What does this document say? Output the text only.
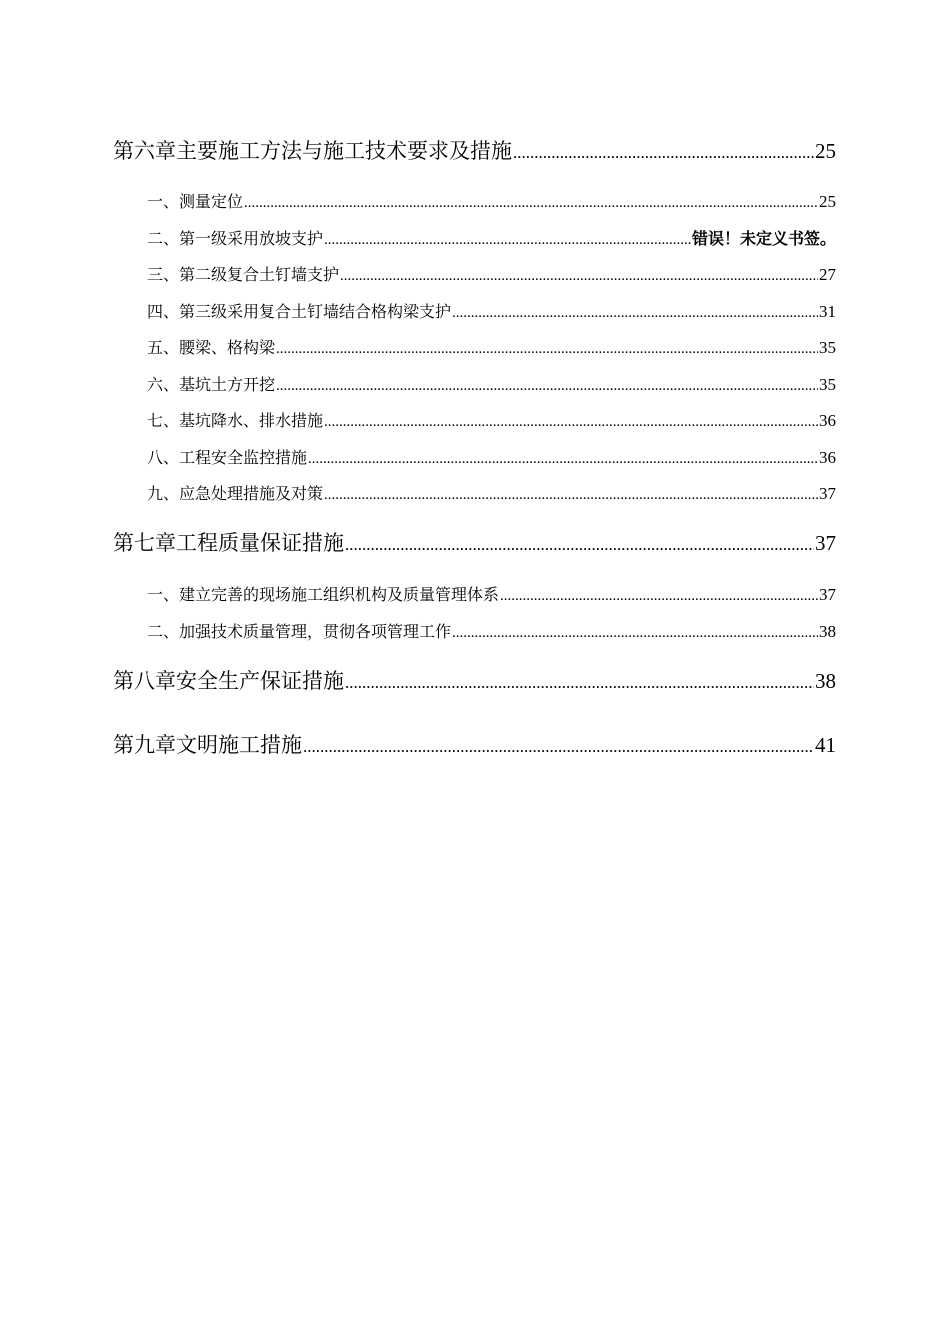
第六章主要施工方法与施工技术要求及措施 .....	25
一、测量定位 .....	25
二、第一级采用放坡支护 .....	错误！未定义书签。
三、第二级复合土钉墙支护 .....	27
四、第三级采用复合土钉墙结合格构梁支护 .....	31
五、腰梁、格构梁 .....	35
六、基坑土方开挖 .....	35
七、基坑降水、排水措施 .....	36
八、工程安全监控措施 .....	36
九、应急处理措施及对策 .....	37
第七章工程质量保证措施 .....	37
一、建立完善的现场施工组织机构及质量管理体系 .....	37
二、加强技术质量管理，贯彻各项管理工作 .....	38
第八章安全生产保证措施 .....	38
第九章文明施工措施 .....	41
